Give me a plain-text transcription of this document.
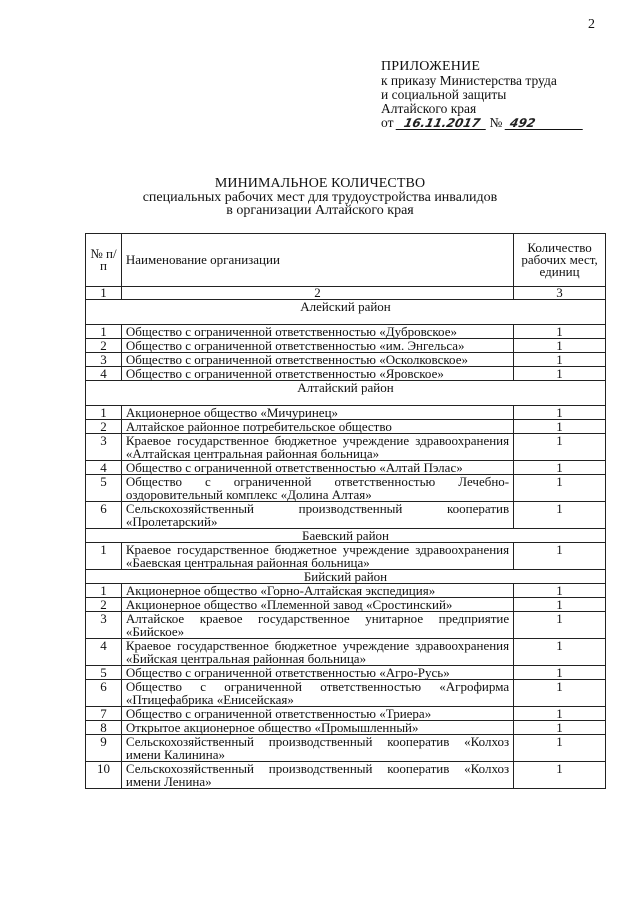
2
ПРИЛОЖЕНИЕ
к приказу Министерства труда
и социальной защиты
Алтайского края
от 16.11.2017 № 492
МИНИМАЛЬНОЕ КОЛИЧЕСТВО
специальных рабочих мест для трудоустройства инвалидов
в организации Алтайского края
№ п/п	Наименование организации	Количество рабочих мест, единиц
1	2	3
Алейский район		
1	Общество с ограниченной ответственностью «Дубровское»	1
2	Общество с ограниченной ответственностью «им. Энгельса»	1
3	Общество с ограниченной ответственностью «Осколковское»	1
4	Общество с ограниченной ответственностью «Яровское»	1
Алтайский район		
1	Акционерное общество «Мичуринец»	1
2	Алтайское районное потребительское общество	1
3	Краевое государственное бюджетное учреждение здравоохранения «Алтайская центральная районная больница»	1
4	Общество с ограниченной ответственностью «Алтай Пэлас»	1
5	Общество с ограниченной ответственностью Лечебно-оздоровительный комплекс «Долина Алтая»	1
6	Сельскохозяйственный производственный кооператив «Пролетарский»	1
Баевский район		
1	Краевое государственное бюджетное учреждение здравоохранения «Баевская центральная районная больница»	1
Бийский район		
1	Акционерное общество «Горно-Алтайская экспедиция»	1
2	Акционерное общество «Племенной завод «Сростинский»	1
3	Алтайское краевое государственное унитарное предприятие «Бийское»	1
4	Краевое государственное бюджетное учреждение здравоохранения «Бийская центральная районная больница»	1
5	Общество с ограниченной ответственностью «Агро-Русь»	1
6	Общество с ограниченной ответственностью «Агрофирма «Птицефабрика «Енисейская»	1
7	Общество с ограниченной ответственностью «Триера»	1
8	Открытое акционерное общество «Промышленный»	1
9	Сельскохозяйственный производственный кооператив «Колхоз имени Калинина»	1
10	Сельскохозяйственный производственный кооператив «Колхоз имени Ленина»	1
